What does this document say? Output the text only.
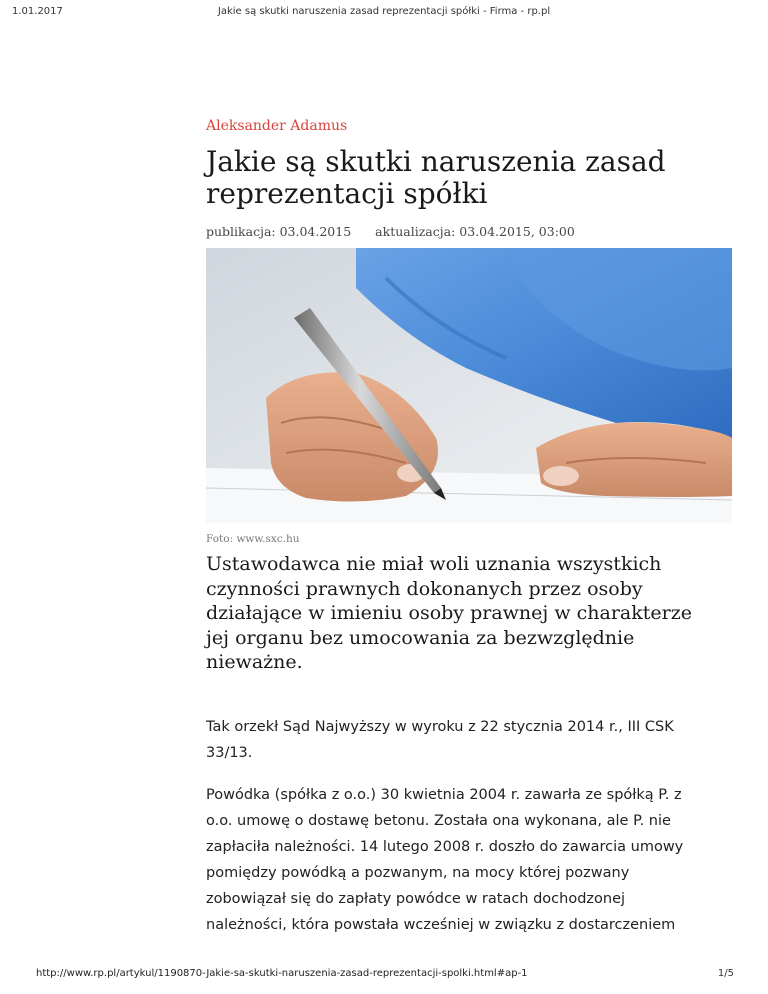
1.01.2017	Jakie są skutki naruszenia zasad reprezentacji spółki - Firma - rp.pl
Aleksander Adamus
Jakie są skutki naruszenia zasad reprezentacji spółki
publikacja: 03.04.2015 aktualizacja: 03.04.2015, 03:00
Foto: www.sxc.hu

Ustawodawca nie miał woli uznania wszystkich
czynności prawnych dokonanych przez osoby
działające w imieniu osoby prawnej w charakterze
jej organu bez umocowania za bezwzględnie
nieważne.

Tak orzekł Sąd Najwyższy w wyroku z 22 stycznia 2014 r., III CSK
33/13.

Powódka (spółka z o.o.) 30 kwietnia 2004 r. zawarła ze spółką P. z
o.o. umowę o dostawę betonu. Została ona wykonana, ale P. nie
zapłaciła należności. 14 lutego 2008 r. doszło do zawarcia umowy
pomiędzy powódką a pozwanym, na mocy której pozwany
zobowiązał się do zapłaty powódce w ratach dochodzonej
należności, która powstała wcześniej w związku z dostarczeniem

http://www.rp.pl/artykul/1190870-Jakie-sa-skutki-naruszenia-zasad-reprezentacji-spolki.html#ap-1	1/5
